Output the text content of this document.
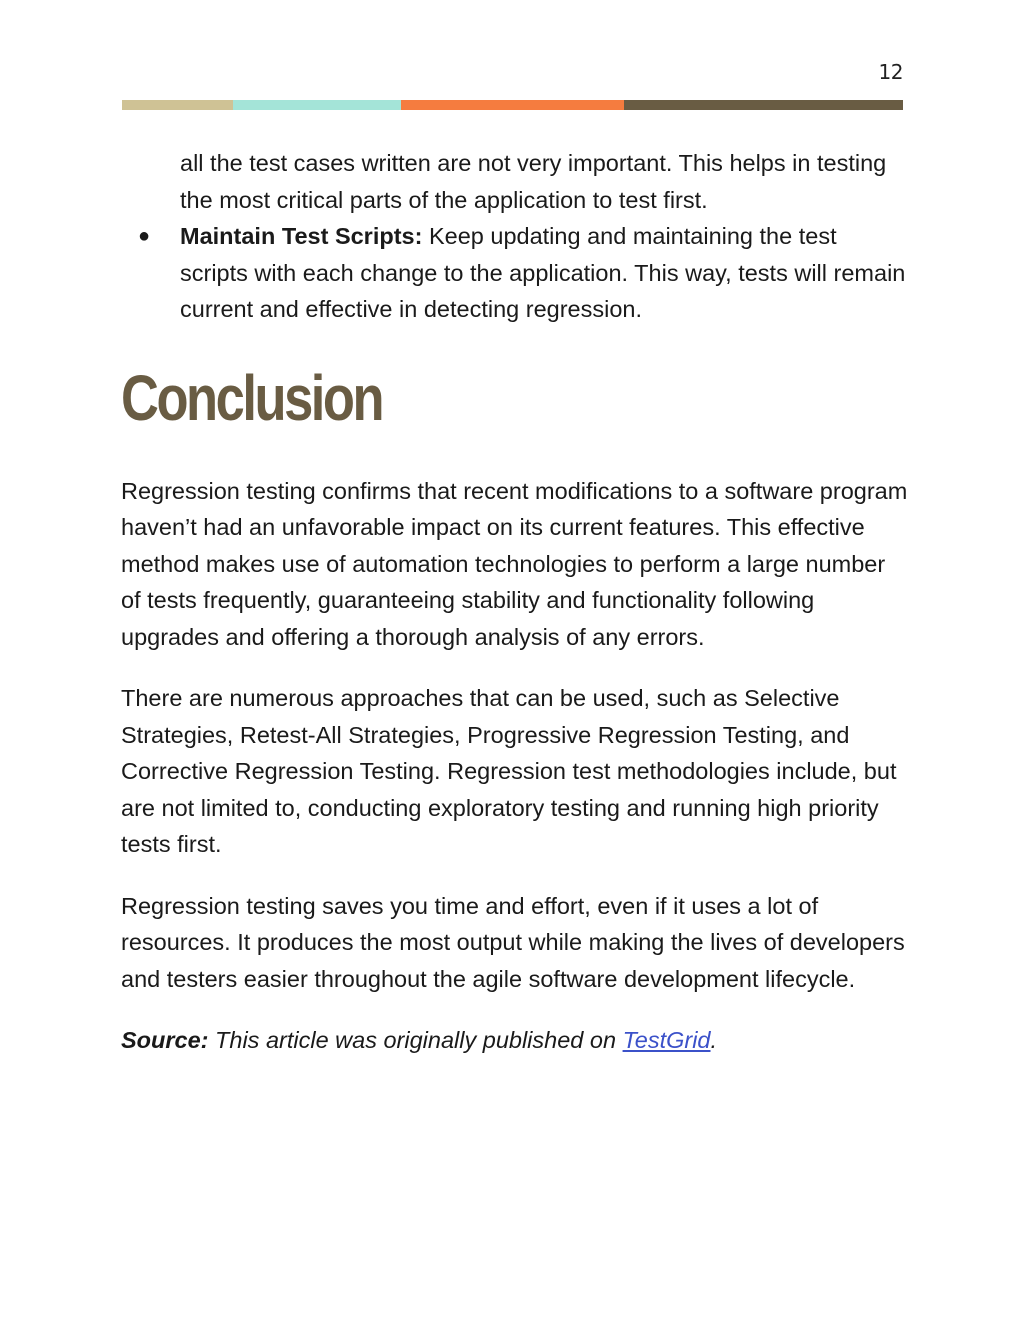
12
all the test cases written are not very important. This helps in testing the most critical parts of the application to test first.
● Maintain Test Scripts: Keep updating and maintaining the test scripts with each change to the application. This way, tests will remain current and effective in detecting regression.
Conclusion

Regression testing confirms that recent modifications to a software program haven’t had an unfavorable impact on its current features. This effective method makes use of automation technologies to perform a large number of tests frequently, guaranteeing stability and functionality following upgrades and offering a thorough analysis of any errors.

There are numerous approaches that can be used, such as Selective Strategies, Retest-All Strategies, Progressive Regression Testing, and Corrective Regression Testing. Regression test methodologies include, but are not limited to, conducting exploratory testing and running high priority tests first.

Regression testing saves you time and effort, even if it uses a lot of resources. It produces the most output while making the lives of developers and testers easier throughout the agile software development lifecycle.

Source: This article was originally published on TestGrid.
